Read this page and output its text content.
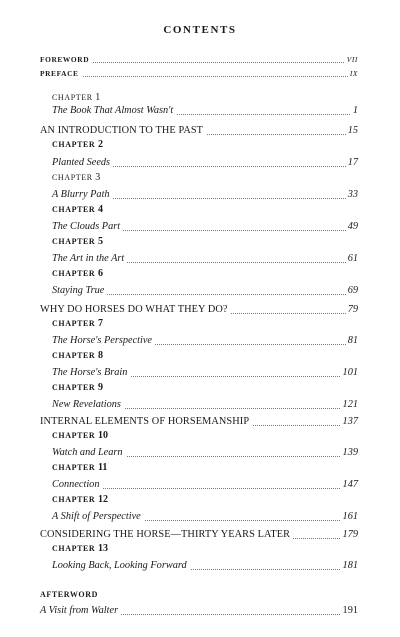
CONTENTS
FOREWORD	VII
PREFACE	IX
CHAPTER 1
The Book That Almost Wasn't	1
AN INTRODUCTION TO THE PAST	15
CHAPTER 2
Planted Seeds	17
CHAPTER 3
A Blurry Path	33
CHAPTER 4
The Clouds Part	49
CHAPTER 5
The Art in the Art	61
CHAPTER 6
Staying True	69
WHY DO HORSES DO WHAT THEY DO?	79
CHAPTER 7
The Horse's Perspective	81
CHAPTER 8
The Horse's Brain	101
CHAPTER 9
New Revelations	121
INTERNAL ELEMENTS OF HORSEMANSHIP	137
CHAPTER 10
Watch and Learn	139
CHAPTER 11
Connection	147
CHAPTER 12
A Shift of Perspective	161
CONSIDERING THE HORSE—THIRTY YEARS LATER	179
CHAPTER 13
Looking Back, Looking Forward	181
AFTERWORD
A Visit from Walter	191
